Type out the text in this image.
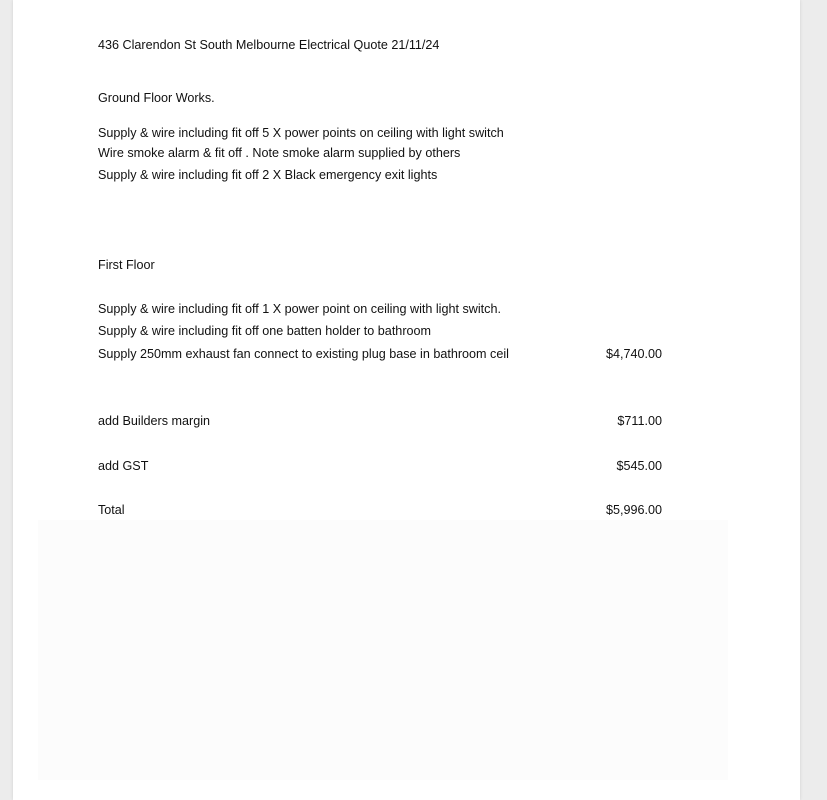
436 Clarendon St South Melbourne Electrical Quote 21/11/24
Ground Floor Works.
Supply & wire including fit off 5 X power points on ceiling with light switch
Wire smoke alarm & fit off . Note smoke alarm supplied by others
Supply & wire including fit off 2 X Black emergency exit lights
First Floor
Supply & wire including fit off 1 X power point on ceiling with light switch.
Supply & wire including fit off one batten holder to bathroom
Supply 250mm exhaust fan connect to existing plug base in bathroom ceil	$4,740.00
add Builders margin	$711.00
add GST	$545.00
Total	$5,996.00
